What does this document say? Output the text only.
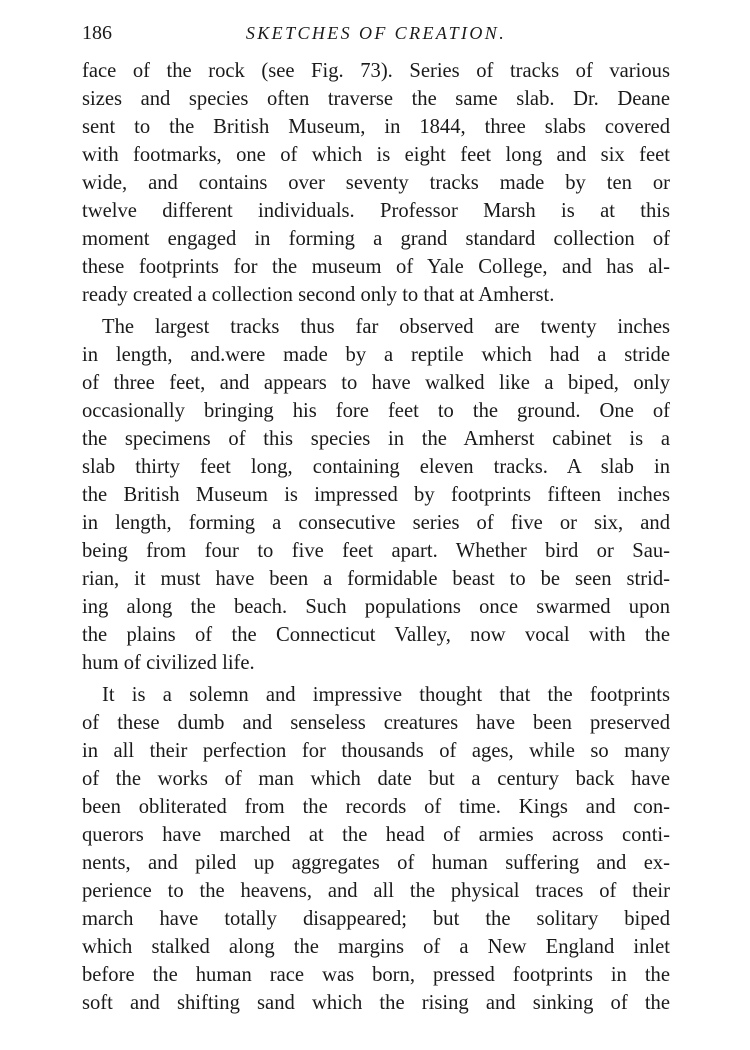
186	SKETCHES OF CREATION.
face of the rock (see Fig. 73). Series of tracks of various
sizes and species often traverse the same slab. Dr. Deane
sent to the British Museum, in 1844, three slabs covered
with footmarks, one of which is eight feet long and six feet
wide, and contains over seventy tracks made by ten or
twelve different individuals. Professor Marsh is at this
moment engaged in forming a grand standard collection of
these footprints for the museum of Yale College, and has al-
ready created a collection second only to that at Amherst.
The largest tracks thus far observed are twenty inches
in length, and.were made by a reptile which had a stride
of three feet, and appears to have walked like a biped, only
occasionally bringing his fore feet to the ground. One of
the specimens of this species in the Amherst cabinet is a
slab thirty feet long, containing eleven tracks. A slab in
the British Museum is impressed by footprints fifteen inches
in length, forming a consecutive series of five or six, and
being from four to five feet apart. Whether bird or Sau-
rian, it must have been a formidable beast to be seen strid-
ing along the beach. Such populations once swarmed upon
the plains of the Connecticut Valley, now vocal with the
hum of civilized life.
It is a solemn and impressive thought that the footprints
of these dumb and senseless creatures have been preserved
in all their perfection for thousands of ages, while so many
of the works of man which date but a century back have
been obliterated from the records of time. Kings and con-
querors have marched at the head of armies across conti-
nents, and piled up aggregates of human suffering and ex-
perience to the heavens, and all the physical traces of their
march have totally disappeared; but the solitary biped
which stalked along the margins of a New England inlet
before the human race was born, pressed footprints in the
soft and shifting sand which the rising and sinking of the
